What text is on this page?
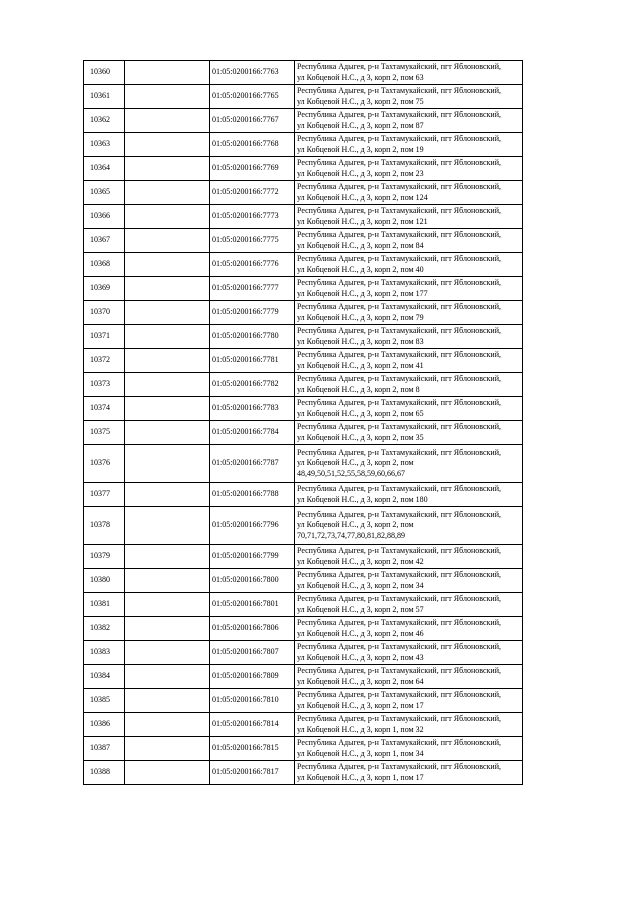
10360		01:05:0200166:7763	Республика Адыгея, р-н Тахтамукайский, пгт Яблоновский,
ул Кобцевой Н.С., д 3, корп 2, пом 63

10361		01:05:0200166:7765	Республика Адыгея, р-н Тахтамукайский, пгт Яблоновский,
ул Кобцевой Н.С., д 3, корп 2, пом 75

10362		01:05:0200166:7767	Республика Адыгея, р-н Тахтамукайский, пгт Яблоновский,
ул Кобцевой Н.С., д 3, корп 2, пом 87

10363		01:05:0200166:7768	Республика Адыгея, р-н Тахтамукайский, пгт Яблоновский,
ул Кобцевой Н.С., д 3, корп 2, пом 19

10364		01:05:0200166:7769	Республика Адыгея, р-н Тахтамукайский, пгт Яблоновский,
ул Кобцевой Н.С., д 3, корп 2, пом 23

10365		01:05:0200166:7772	Республика Адыгея, р-н Тахтамукайский, пгт Яблоновский,
ул Кобцевой Н.С., д 3, корп 2, пом 124

10366		01:05:0200166:7773	Республика Адыгея, р-н Тахтамукайский, пгт Яблоновский,
ул Кобцевой Н.С., д 3, корп 2, пом 121

10367		01:05:0200166:7775	Республика Адыгея, р-н Тахтамукайский, пгт Яблоновский,
ул Кобцевой Н.С., д 3, корп 2, пом 84

10368		01:05:0200166:7776	Республика Адыгея, р-н Тахтамукайский, пгт Яблоновский,
ул Кобцевой Н.С., д 3, корп 2, пом 40

10369		01:05:0200166:7777	Республика Адыгея, р-н Тахтамукайский, пгт Яблоновский,
ул Кобцевой Н.С., д 3, корп 2, пом 177

10370		01:05:0200166:7779	Республика Адыгея, р-н Тахтамукайский, пгт Яблоновский,
ул Кобцевой Н.С., д 3, корп 2, пом 79

10371		01:05:0200166:7780	Республика Адыгея, р-н Тахтамукайский, пгт Яблоновский,
ул Кобцевой Н.С., д 3, корп 2, пом 83

10372		01:05:0200166:7781	Республика Адыгея, р-н Тахтамукайский, пгт Яблоновский,
ул Кобцевой Н.С., д 3, корп 2, пом 41

10373		01:05:0200166:7782	Республика Адыгея, р-н Тахтамукайский, пгт Яблоновский,
ул Кобцевой Н.С., д 3, корп 2, пом 8

10374		01:05:0200166:7783	Республика Адыгея, р-н Тахтамукайский, пгт Яблоновский,
ул Кобцевой Н.С., д 3, корп 2, пом 65

10375		01:05:0200166:7784	Республика Адыгея, р-н Тахтамукайский, пгт Яблоновский,
ул Кобцевой Н.С., д 3, корп 2, пом 35

10376		01:05:0200166:7787	Республика Адыгея, р-н Тахтамукайский, пгт Яблоновский,
ул Кобцевой Н.С., д 3, корп 2, пом
48,49,50,51,52,55,58,59,60,66,67

10377		01:05:0200166:7788	Республика Адыгея, р-н Тахтамукайский, пгт Яблоновский,
ул Кобцевой Н.С., д 3, корп 2, пом 180

10378		01:05:0200166:7796	Республика Адыгея, р-н Тахтамукайский, пгт Яблоновский,
ул Кобцевой Н.С., д 3, корп 2, пом
70,71,72,73,74,77,80,81,82,88,89

10379		01:05:0200166:7799	Республика Адыгея, р-н Тахтамукайский, пгт Яблоновский,
ул Кобцевой Н.С., д 3, корп 2, пом 42

10380		01:05:0200166:7800	Республика Адыгея, р-н Тахтамукайский, пгт Яблоновский,
ул Кобцевой Н.С., д 3, корп 2, пом 34

10381		01:05:0200166:7801	Республика Адыгея, р-н Тахтамукайский, пгт Яблоновский,
ул Кобцевой Н.С., д 3, корп 2, пом 57

10382		01:05:0200166:7806	Республика Адыгея, р-н Тахтамукайский, пгт Яблоновский,
ул Кобцевой Н.С., д 3, корп 2, пом 46

10383		01:05:0200166:7807	Республика Адыгея, р-н Тахтамукайский, пгт Яблоновский,
ул Кобцевой Н.С., д 3, корп 2, пом 43

10384		01:05:0200166:7809	Республика Адыгея, р-н Тахтамукайский, пгт Яблоновский,
ул Кобцевой Н.С., д 3, корп 2, пом 64

10385		01:05:0200166:7810	Республика Адыгея, р-н Тахтамукайский, пгт Яблоновский,
ул Кобцевой Н.С., д 3, корп 2, пом 17

10386		01:05:0200166:7814	Республика Адыгея, р-н Тахтамукайский, пгт Яблоновский,
ул Кобцевой Н.С., д 3, корп 1, пом 32

10387		01:05:0200166:7815	Республика Адыгея, р-н Тахтамукайский, пгт Яблоновский,
ул Кобцевой Н.С., д 3, корп 1, пом 34

10388		01:05:0200166:7817	Республика Адыгея, р-н Тахтамукайский, пгт Яблоновский,
ул Кобцевой Н.С., д 3, корп 1, пом 17
